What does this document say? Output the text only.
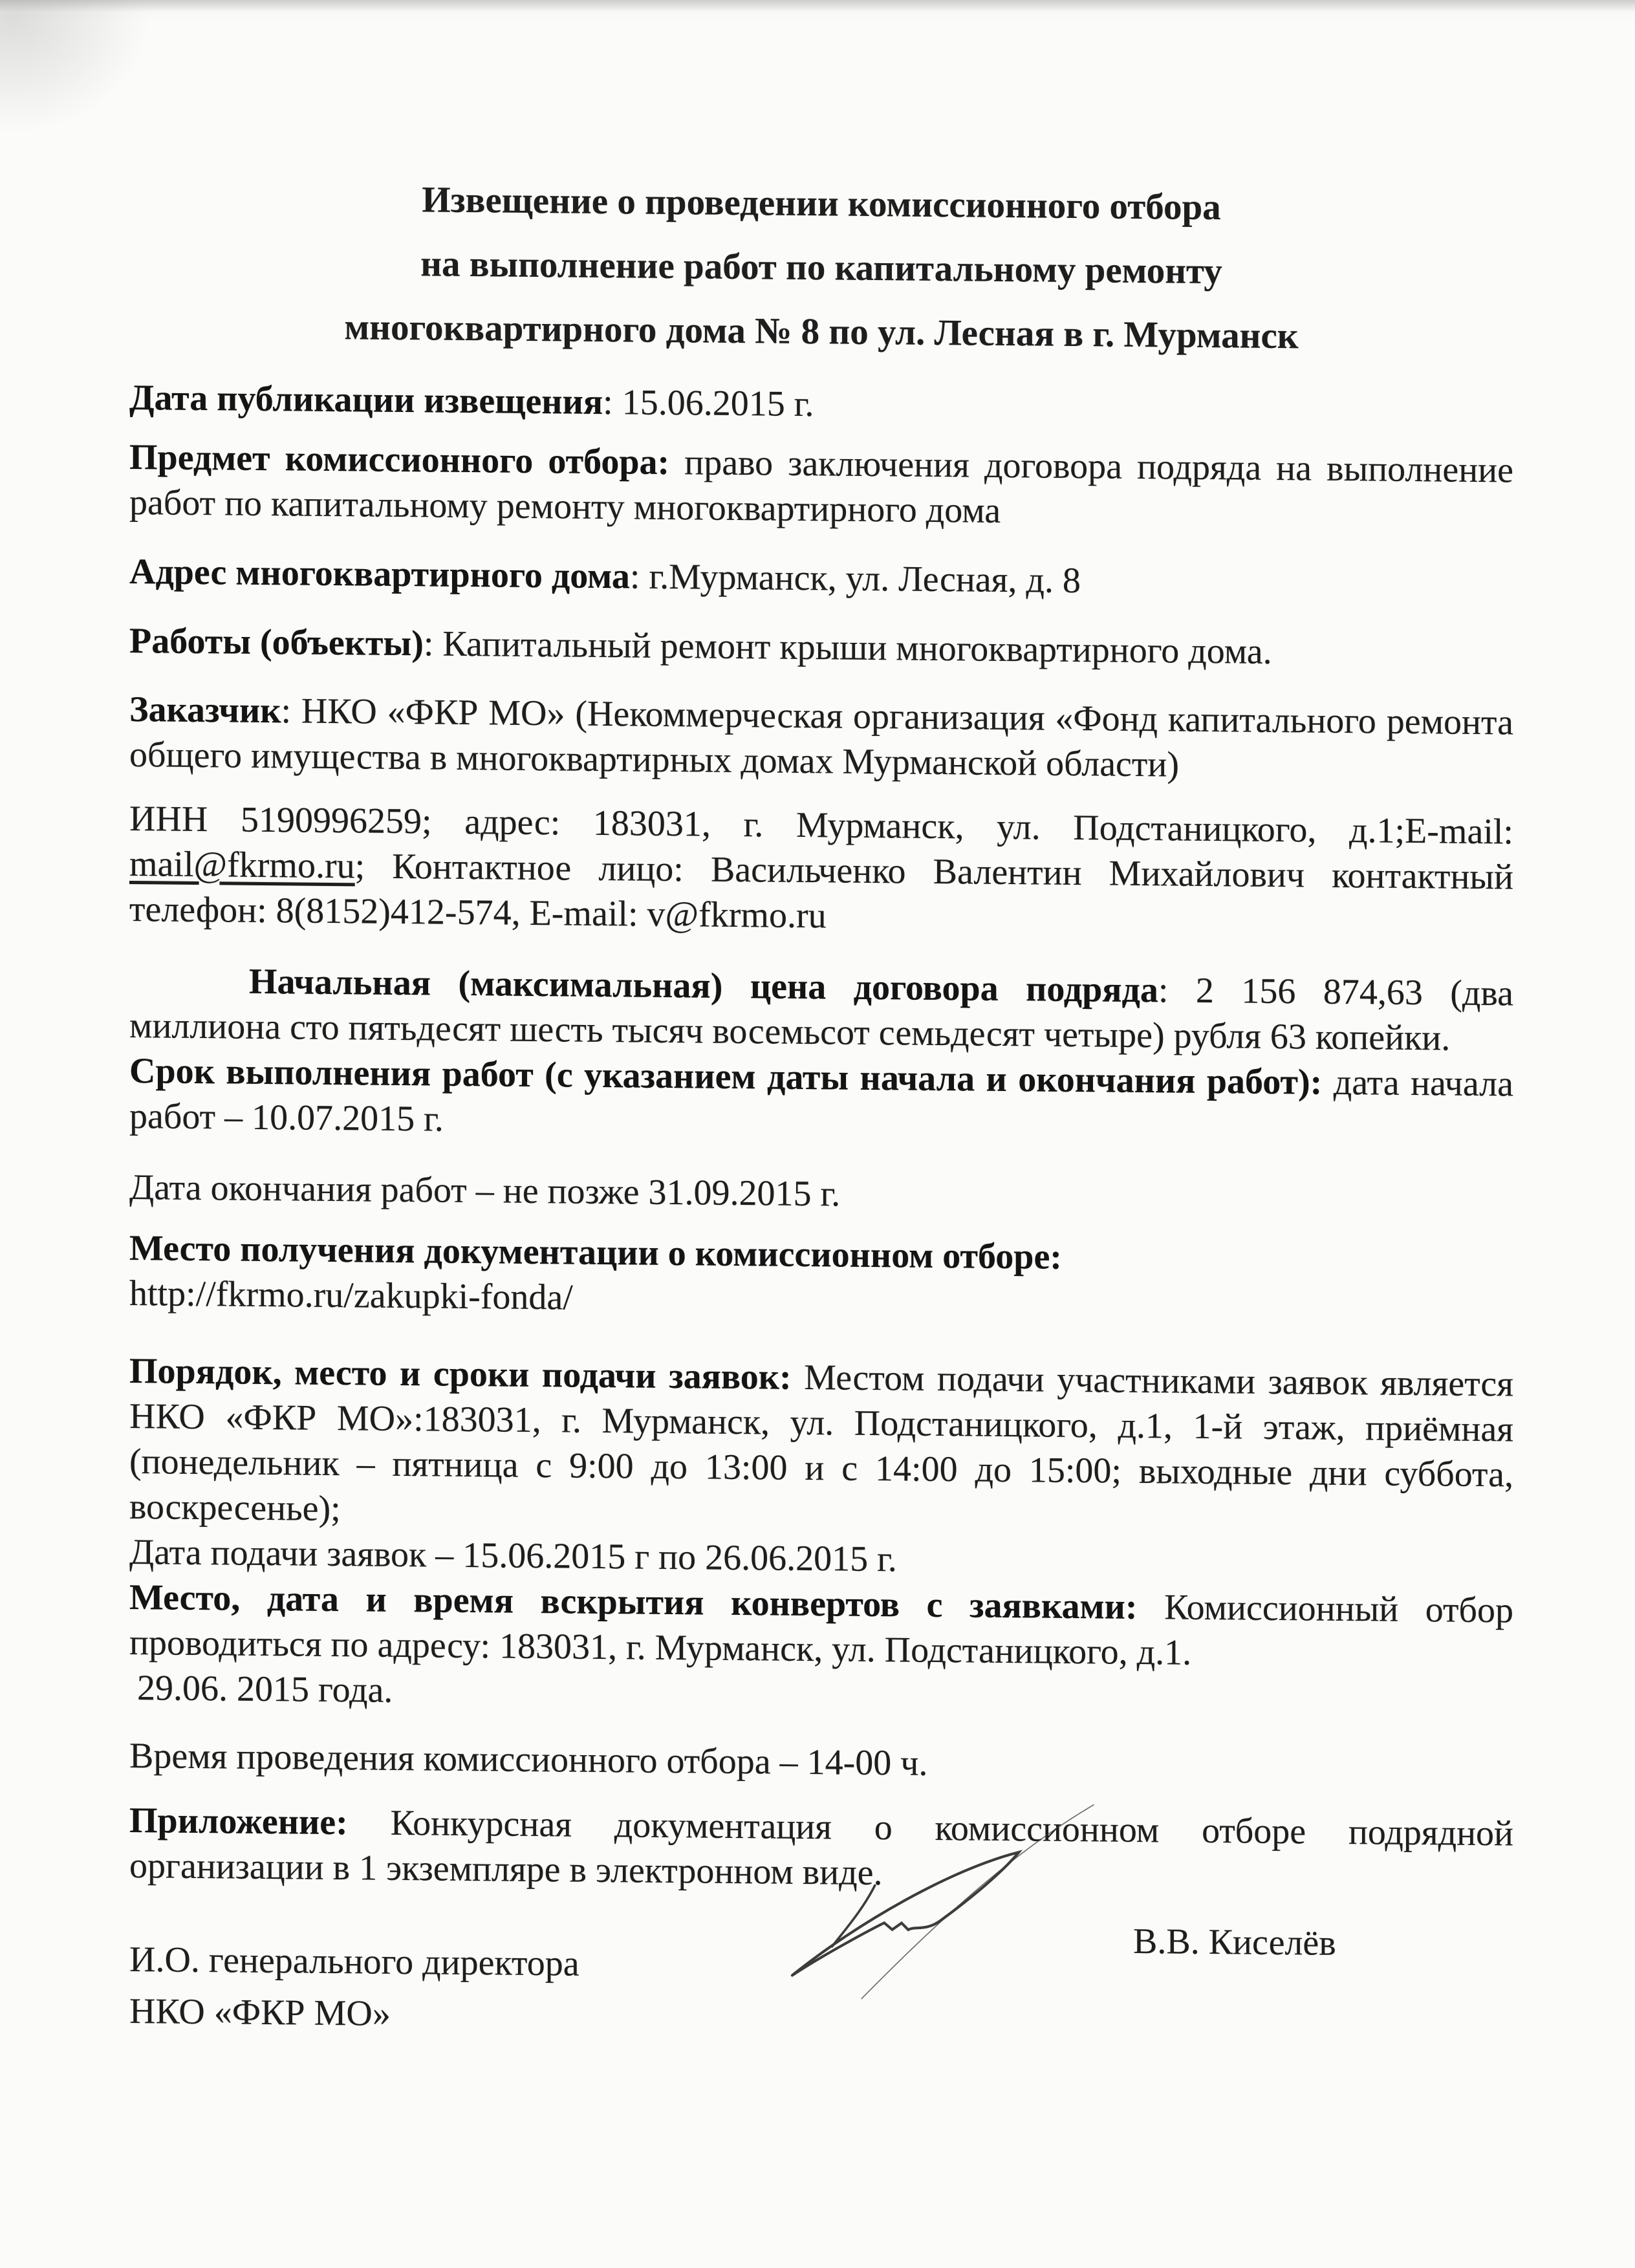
Извещение о проведении комиссионного отбора
на выполнение работ по капитальному ремонту
многоквартирного дома № 8 по ул. Лесная в г. Мурманск

Дата публикации извещения: 15.06.2015 г.

Предмет комиссионного отбора: право заключения договора подряда на выполнение работ по капитальному ремонту многоквартирного дома

Адрес многоквартирного дома: г.Мурманск, ул. Лесная, д. 8

Работы (объекты): Капитальный ремонт крыши многоквартирного дома.

Заказчик: НКО «ФКР МО» (Некоммерческая организация «Фонд капитального ремонта общего имущества в многоквартирных домах Мурманской области)

ИНН 5190996259; адрес: 183031, г. Мурманск, ул. Подстаницкого, д.1;E-mail: mail@fkrmo.ru; Контактное лицо: Васильченко Валентин Михайлович контактный телефон: 8(8152)412-574, E-mail: v@fkrmo.ru

Начальная (максимальная) цена договора подряда: 2 156 874,63 (два миллиона сто пятьдесят шесть тысяч восемьсот семьдесят четыре) рубля 63 копейки.

Срок выполнения работ (с указанием даты начала и окончания работ): дата начала работ – 10.07.2015 г.

Дата окончания работ – не позже 31.09.2015 г.

Место получения документации о комиссионном отборе:
http://fkrmo.ru/zakupki-fonda/

Порядок, место и сроки подачи заявок: Местом подачи участниками заявок является НКО «ФКР МО»:183031, г. Мурманск, ул. Подстаницкого, д.1, 1-й этаж, приёмная (понедельник – пятница с 9:00 до 13:00 и с 14:00 до 15:00; выходные дни суббота, воскресенье);

Дата подачи заявок – 15.06.2015 г по 26.06.2015 г.

Место, дата и время вскрытия конвертов с заявками: Комиссионный отбор проводиться по адресу: 183031, г. Мурманск, ул. Подстаницкого, д.1.

29.06. 2015 года.

Время проведения комиссионного отбора – 14-00 ч.

Приложение: Конкурсная документация о комиссионном отборе подрядной организации в 1 экземпляре в электронном виде.

И.О. генерального директора

НКО «ФКР МО»

В.В. Киселёв
